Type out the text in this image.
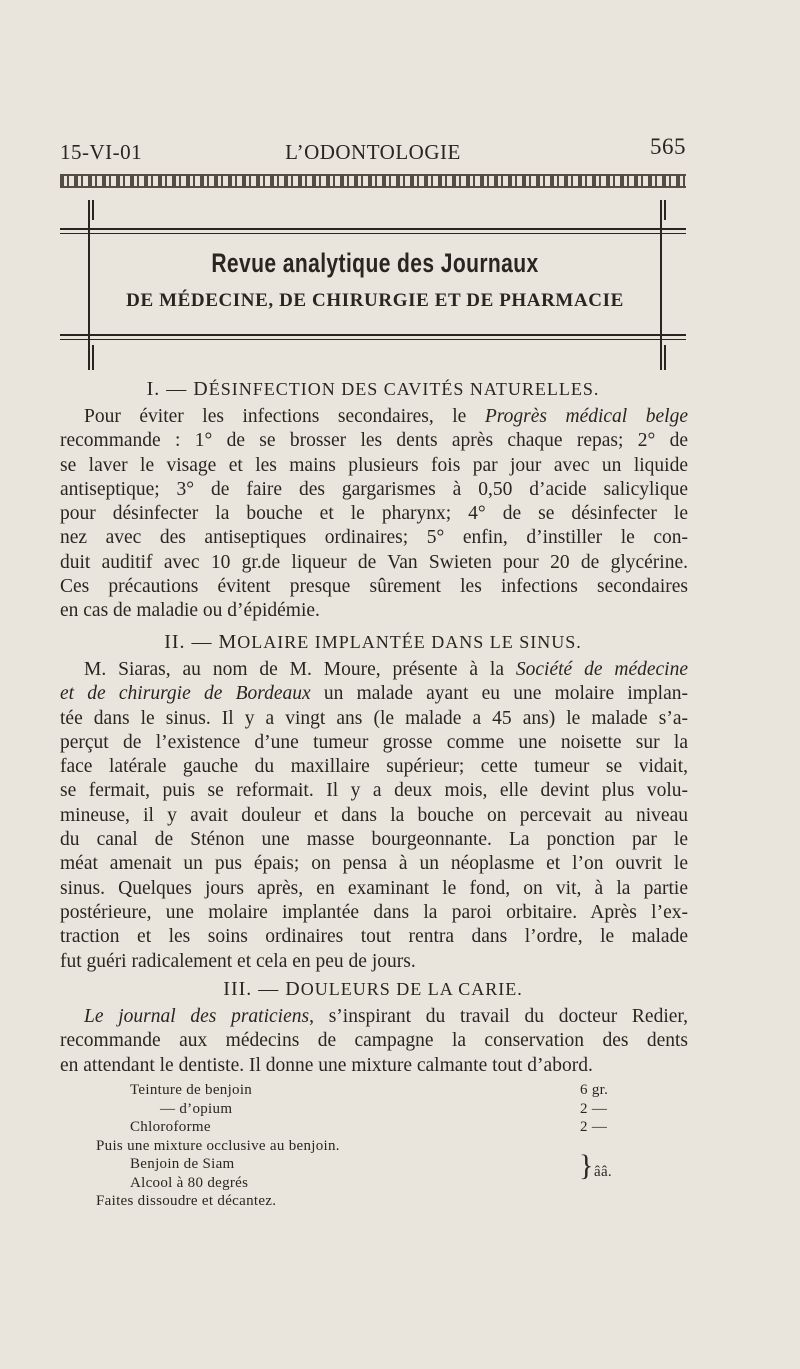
15-VI-01	L’ODONTOLOGIE	565
Revue analytique des Journaux
DE MÉDECINE, DE CHIRURGIE ET DE PHARMACIE
I. — DÉSINFECTION DES CAVITÉS NATURELLES.
Pour éviter les infections secondaires, le Progrès médical belge
recommande : 1° de se brosser les dents après chaque repas; 2° de
se laver le visage et les mains plusieurs fois par jour avec un liquide
antiseptique; 3° de faire des gargarismes à 0,50 d’acide salicylique
pour désinfecter la bouche et le pharynx; 4° de se désinfecter le
nez avec des antiseptiques ordinaires; 5° enfin, d’instiller le con-
duit auditif avec 10 gr.de liqueur de Van Swieten pour 20 de glycérine.
Ces précautions évitent presque sûrement les infections secondaires
en cas de maladie ou d’épidémie.
II. — MOLAIRE IMPLANTÉE DANS LE SINUS.
M. Siaras, au nom de M. Moure, présente à la Société de médecine
et de chirurgie de Bordeaux un malade ayant eu une molaire implan-
tée dans le sinus. Il y a vingt ans (le malade a 45 ans) le malade s’a-
perçut de l’existence d’une tumeur grosse comme une noisette sur la
face latérale gauche du maxillaire supérieur; cette tumeur se vidait,
se fermait, puis se reformait. Il y a deux mois, elle devint plus volu-
mineuse, il y avait douleur et dans la bouche on percevait au niveau
du canal de Sténon une masse bourgeonnante. La ponction par le
méat amenait un pus épais; on pensa à un néoplasme et l’on ouvrit le
sinus. Quelques jours après, en examinant le fond, on vit, à la partie
postérieure, une molaire implantée dans la paroi orbitaire. Après l’ex-
traction et les soins ordinaires tout rentra dans l’ordre, le malade
fut guéri radicalement et cela en peu de jours.
III. — DOULEURS DE LA CARIE.
Le journal des praticiens, s’inspirant du travail du docteur Redier,
recommande aux médecins de campagne la conservation des dents
en attendant le dentiste. Il donne une mixture calmante tout d’abord.
Teinture de benjoin	6 gr.
— d’opium	2 —
Chloroforme	2 —
Puis une mixture occlusive au benjoin.
Benjoin de Siam
Alcool à 80 degrés
} ââ.
Faites dissoudre et décantez.
